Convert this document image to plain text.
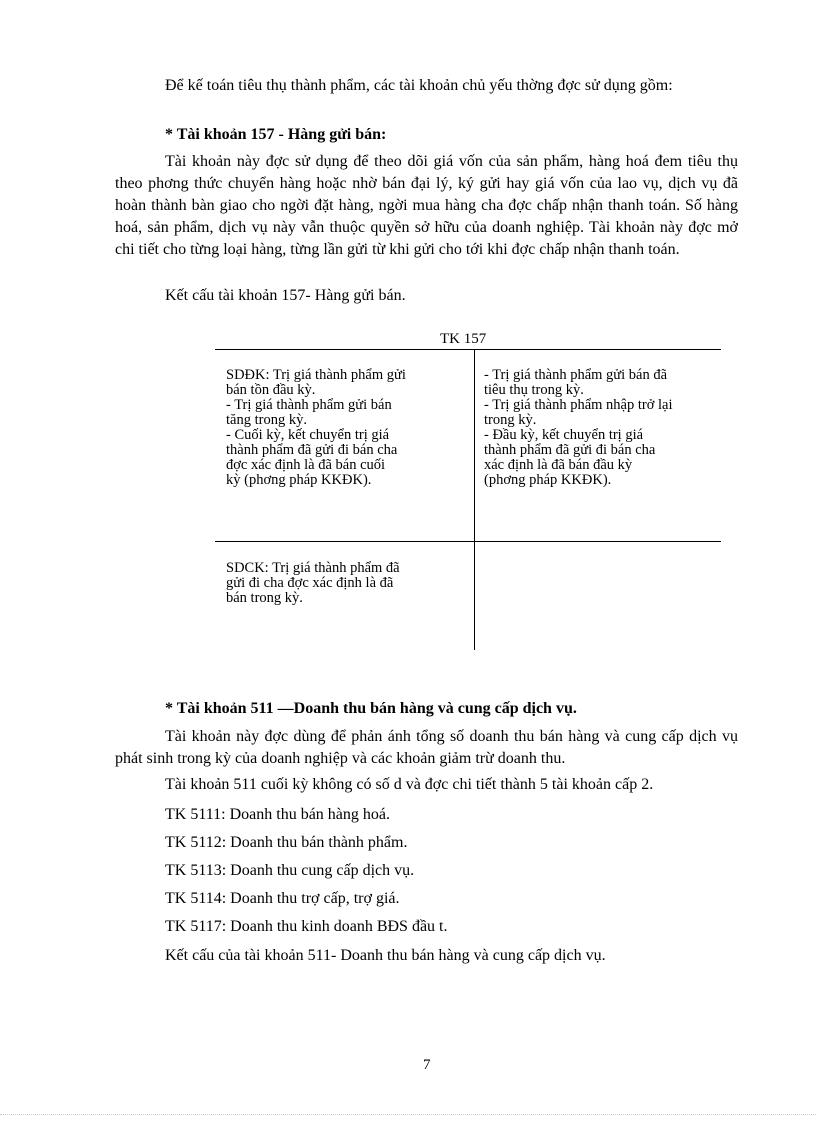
Để kế toán tiêu thụ thành phẩm, các tài khoản chủ yếu thờng đợc sử dụng gồm:
* Tài khoản 157 - Hàng gửi bán:
Tài khoản này đợc sử dụng để theo dõi giá vốn của sản phẩm, hàng hoá đem tiêu thụ theo phơng thức chuyển hàng hoặc nhờ bán đại lý, ký gửi hay giá vốn của lao vụ, dịch vụ đã hoàn thành bàn giao cho ngời đặt hàng, ngời mua hàng cha đợc chấp nhận thanh toán. Số hàng hoá, sản phẩm, dịch vụ này vẫn thuộc quyền sở hữu của doanh nghiệp. Tài khoản này đợc mở chi tiết cho từng loại hàng, từng lần gửi từ khi gửi cho tới khi đợc chấp nhận thanh toán.
Kết cấu tài khoản 157- Hàng gửi bán.
TK 157
SDĐK: Trị giá thành phẩm gửi
bán tồn đầu kỳ.
- Trị giá thành phẩm gửi bán
tăng trong kỳ.
- Cuối kỳ, kết chuyển trị giá
thành phẩm đã gửi đi bán cha
đợc xác định là đã bán cuối
kỳ (phơng pháp KKĐK).
- Trị giá thành phẩm gửi bán đã
tiêu thụ trong kỳ.
- Trị giá thành phẩm nhập trở lại
trong kỳ.
- Đầu kỳ, kết chuyển trị giá
thành phẩm đã gửi đi bán cha
xác định là đã bán đầu kỳ
(phơng pháp KKĐK).
SDCK: Trị giá thành phẩm đã
gửi đi cha đợc xác định là đã
bán trong kỳ.
* Tài khoản 511 —Doanh thu bán hàng và cung cấp dịch vụ.
Tài khoản này đợc dùng để phản ánh tổng số doanh thu bán hàng và cung cấp dịch vụ phát sinh trong kỳ của doanh nghiệp và các khoản giảm trừ doanh thu.
Tài khoản 511 cuối kỳ không có số d và đợc chi tiết thành 5 tài khoản cấp 2.
TK 5111: Doanh thu bán hàng hoá.
TK 5112: Doanh thu bán thành phẩm.
TK 5113: Doanh thu cung cấp dịch vụ.
TK 5114: Doanh thu trợ cấp, trợ giá.
TK 5117: Doanh thu kinh doanh BĐS đầu t.
Kết cấu của tài khoản 511- Doanh thu bán hàng và cung cấp dịch vụ.
7
